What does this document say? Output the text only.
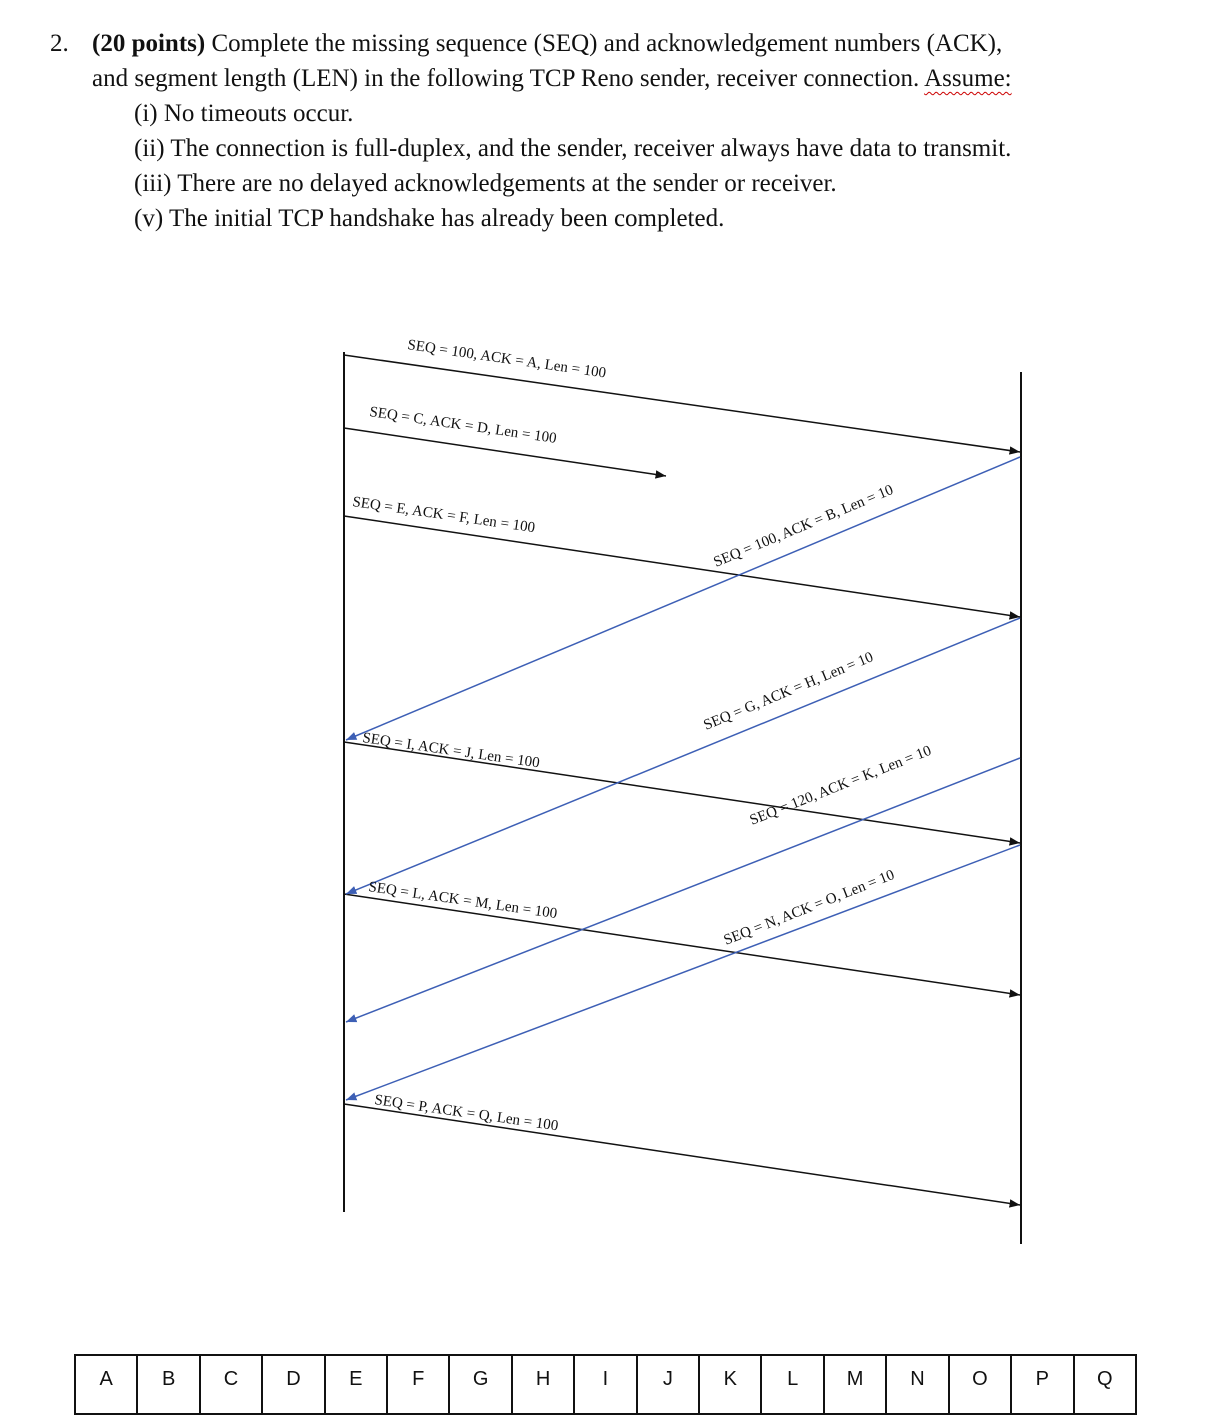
2. (20 points) Complete the missing sequence (SEQ) and acknowledgement numbers (ACK),
and segment length (LEN) in the following TCP Reno sender, receiver connection. Assume:
(i) No timeouts occur.
(ii) The connection is full-duplex, and the sender, receiver always have data to transmit.
(iii) There are no delayed acknowledgements at the sender or receiver.
(v) The initial TCP handshake has already been completed.
SEQ = 100, ACK = A, Len = 100
SEQ = C, ACK = D, Len = 100
SEQ = E, ACK = F, Len = 100	SEQ = 100, ACK = B, Len = 10
SEQ = G, ACK = H, Len = 10
SEQ = I, ACK = J, Len = 100	SEQ = 120, ACK = K, Len = 10
SEQ = L, ACK = M, Len = 100	SEQ = N, ACK = O, Len = 10
SEQ = P, ACK = Q, Len = 100
A	B	C	D	E	F	G	H	I	J	K	L	M	N	O	P	Q
